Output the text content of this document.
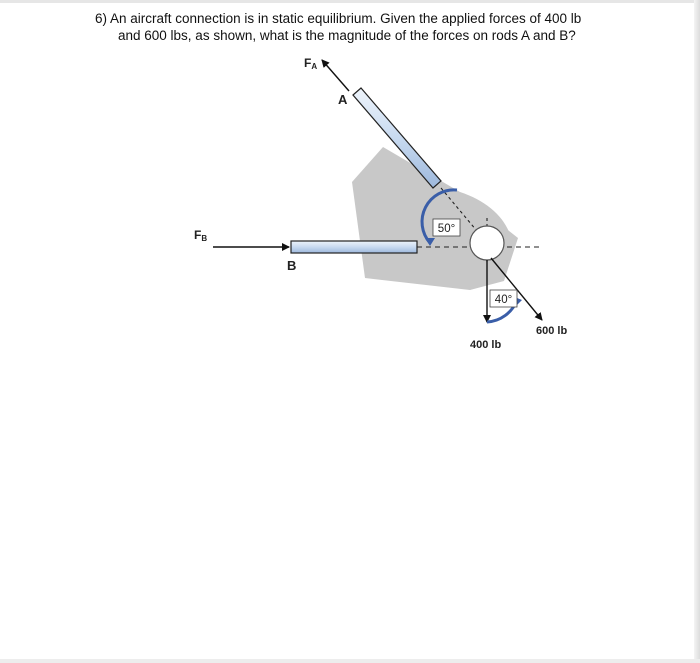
6) An aircraft connection is in static equilibrium. Given the applied forces of 400 lb
and 600 lbs, as shown, what is the magnitude of the forces on rods A and B?
50°
40°
FA
FB
A
B
400 lb
600 lb
